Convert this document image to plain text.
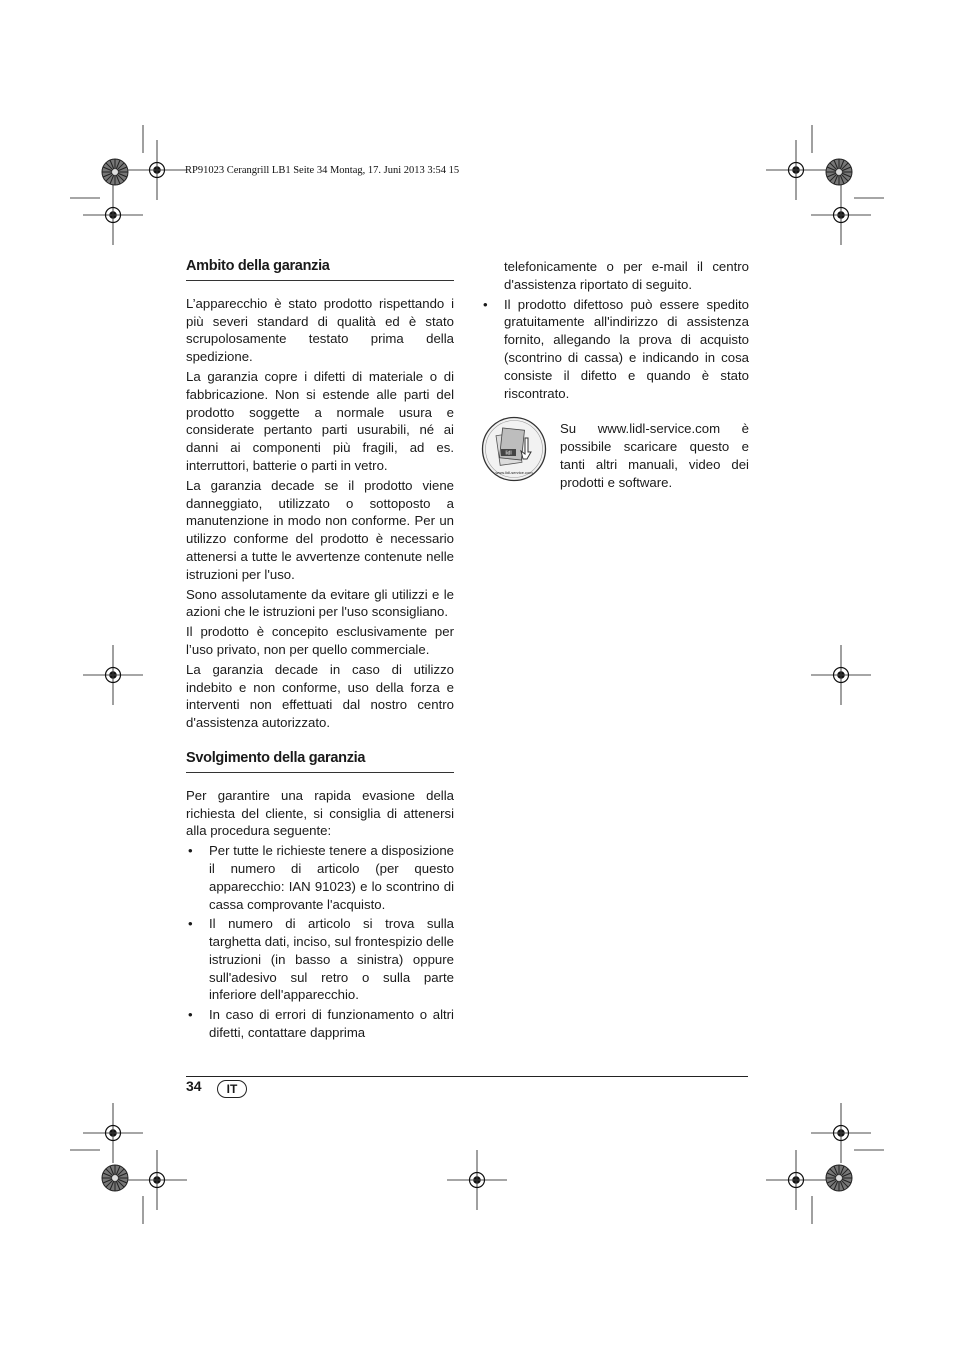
RP91023 Cerangrill LB1 Seite 34 Montag, 17. Juni 2013 3:54 15
Ambito della garanzia

L’apparecchio è stato prodotto rispettando i più severi standard di qualità ed è stato scrupolosamente testato prima della spedizione.

La garanzia copre i difetti di materiale o di fabbricazione. Non si estende alle parti del prodotto soggette a normale usura e considerate pertanto parti usurabili, né ai danni ai componenti più fragili, ad es. interruttori, batterie o parti in vetro.

La garanzia decade se il prodotto viene danneggiato, utilizzato o sottoposto a manutenzione in modo non conforme. Per un utilizzo conforme del prodotto è necessario attenersi a tutte le avvertenze contenute nelle istruzioni per l'uso.

Sono assolutamente da evitare gli utilizzi e le azioni che le istruzioni per l'uso sconsigliano.

Il prodotto è concepito esclusivamente per l’uso privato, non per quello commerciale.

La garanzia decade in caso di utilizzo indebito e non conforme, uso della forza e interventi non effettuati dal nostro centro d'assistenza autorizzato.

Svolgimento della garanzia

Per garantire una rapida evasione della richiesta del cliente, si consiglia di attenersi alla procedura seguente:

• Per tutte le richieste tenere a disposizione il numero di articolo (per questo apparecchio: IAN 91023) e lo scontrino di cassa comprovante l'acquisto.
• Il numero di articolo si trova sulla targhetta dati, inciso, sul frontespizio delle istruzioni (in basso a sinistra) oppure sull'adesivo sul retro o sulla parte inferiore dell'apparecchio.
• In caso di errori di funzionamento o altri difetti, contattare dapprima
telefonicamente o per e-mail il centro d'assistenza riportato di seguito.
• Il prodotto difettoso può essere spedito gratuitamente all'indirizzo di assistenza fornito, allegando la prova di acquisto (scontrino di cassa) e indicando in cosa consiste il difetto e quando è stato riscontrato.
lidl
www.lidl-service.com
Su www.lidl-service.com è possibile scaricare questo e tanti altri manuali, video dei prodotti e software.
34	IT
